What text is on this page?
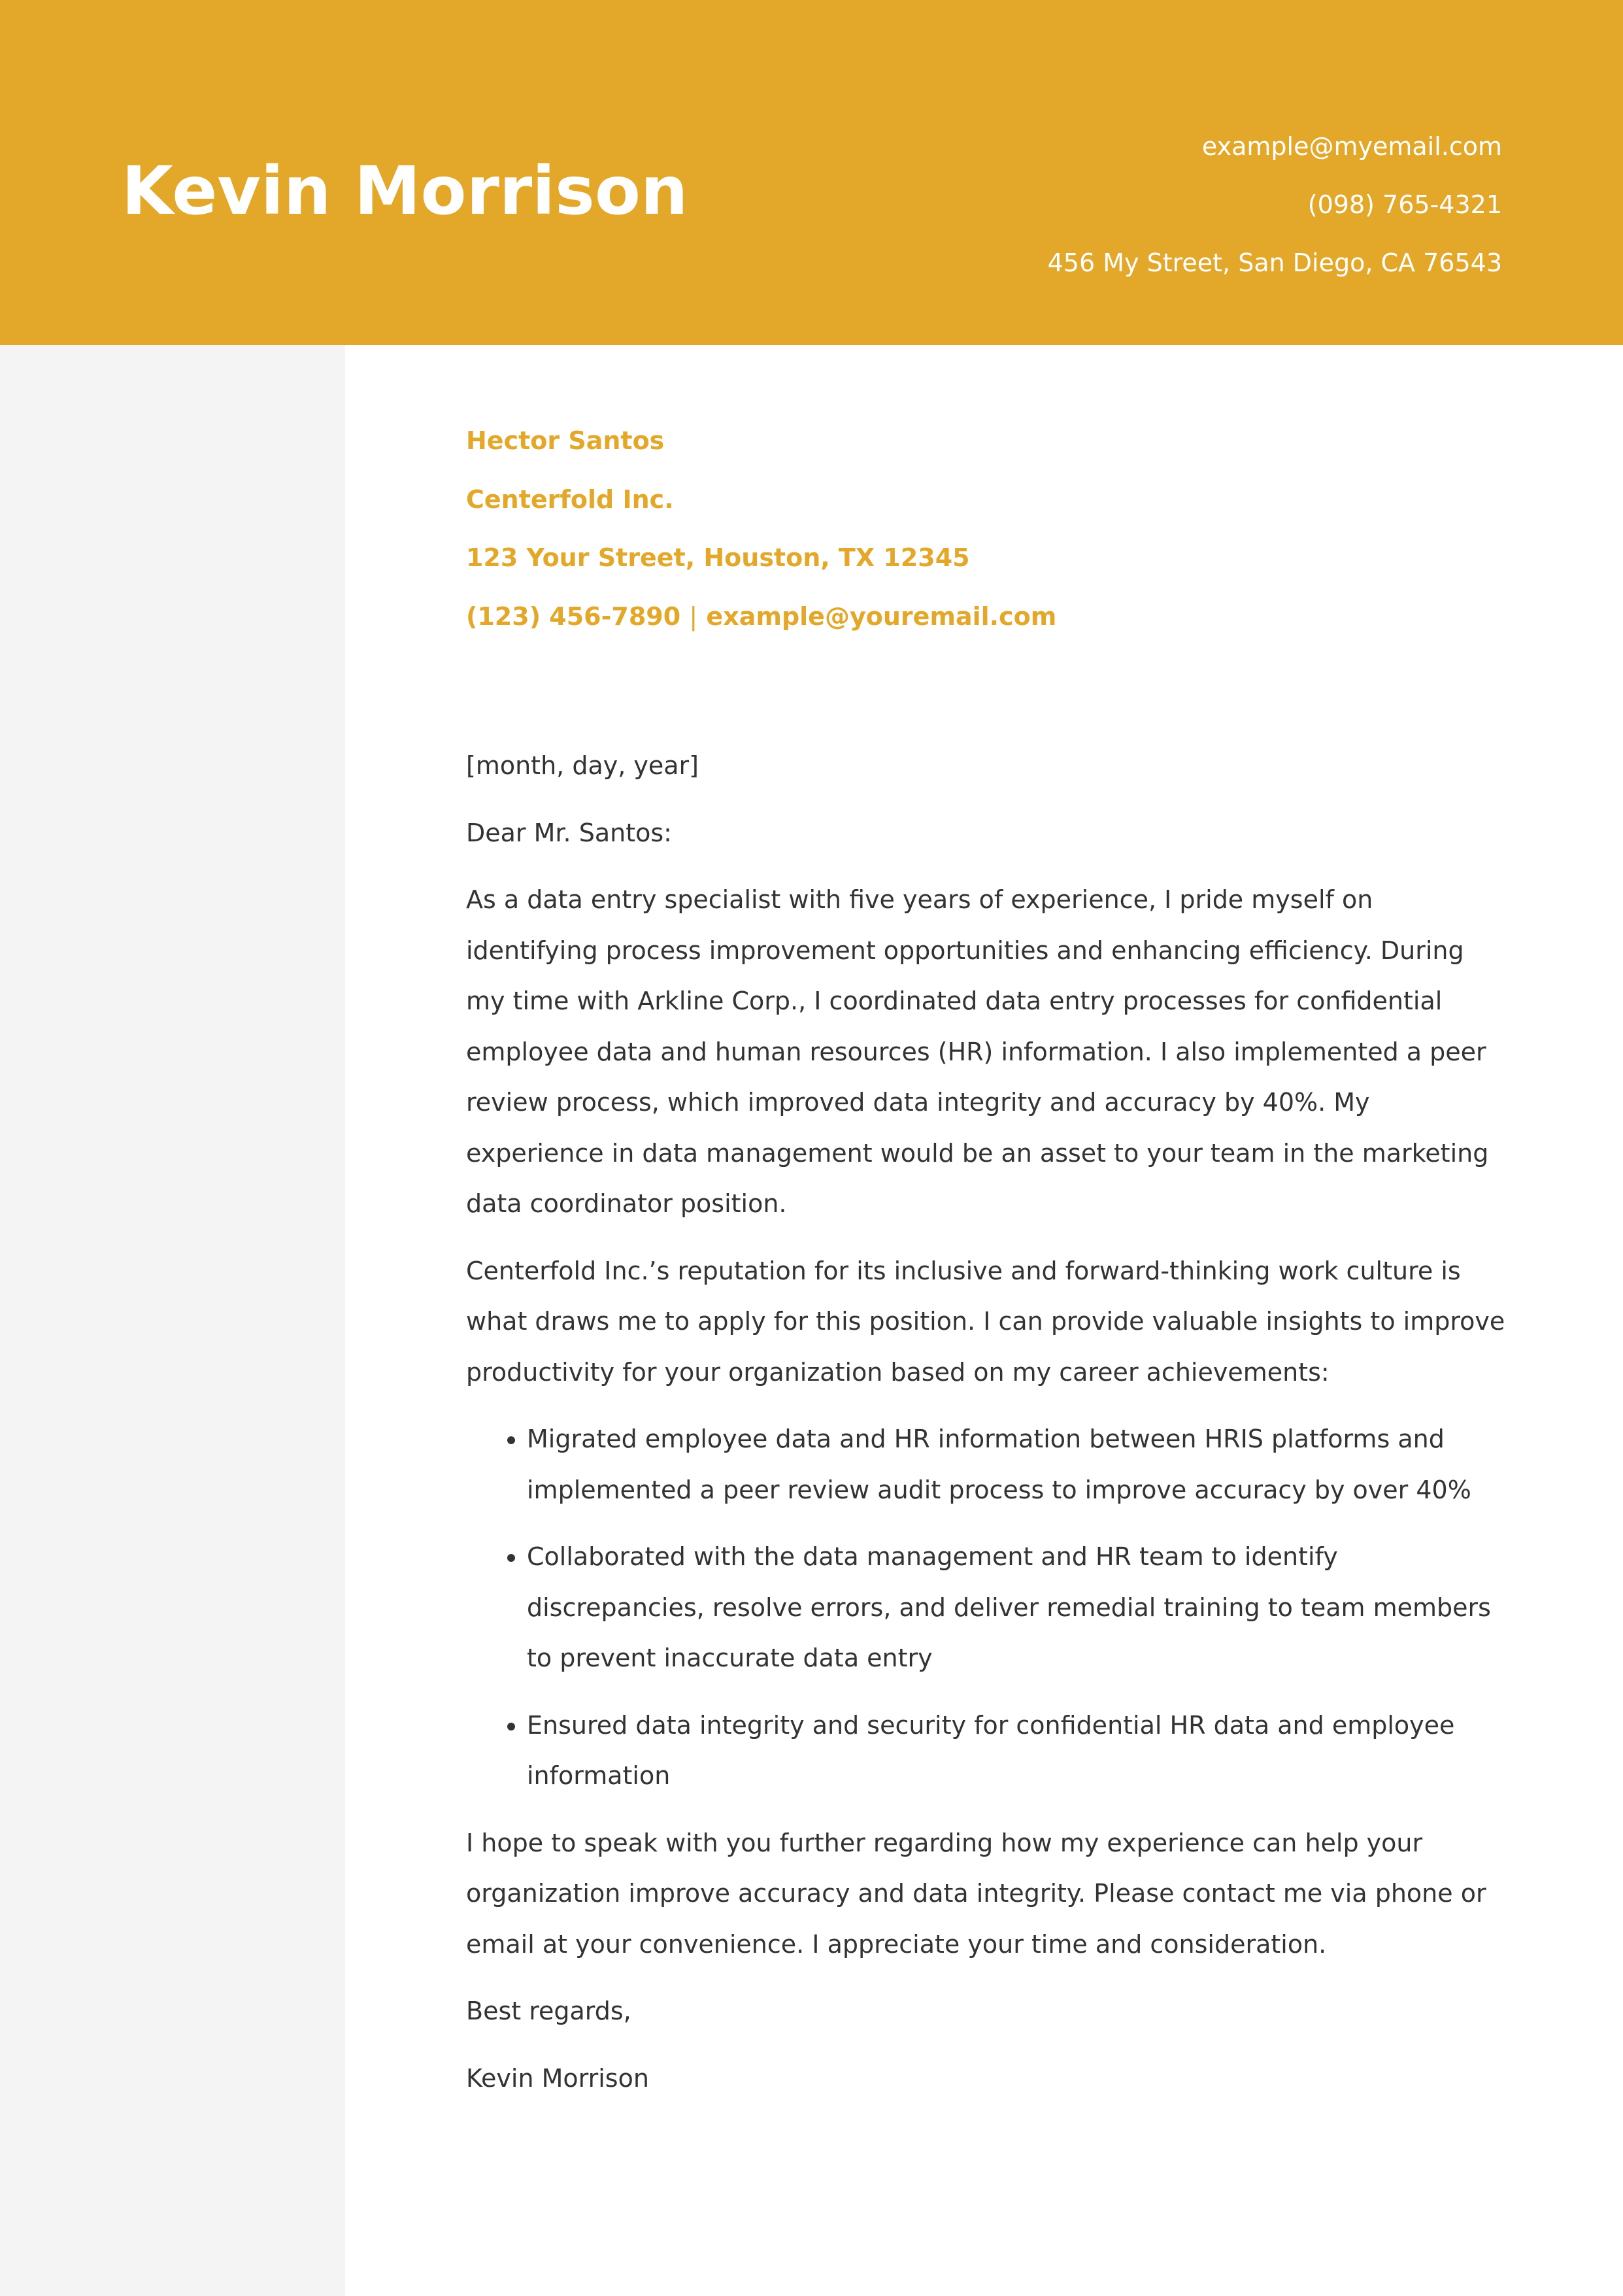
Kevin Morrison
example@myemail.com
(098) 765-4321
456 My Street, San Diego, CA 76543
Hector Santos
Centerfold Inc.
123 Your Street, Houston, TX 12345
(123) 456-7890 | example@youremail.com

[month, day, year]

Dear Mr. Santos:

As a data entry specialist with five years of experience, I pride myself on identifying process improvement opportunities and enhancing efficiency. During my time with Arkline Corp., I coordinated data entry processes for confidential employee data and human resources (HR) information. I also implemented a peer review process, which improved data integrity and accuracy by 40%. My experience in data management would be an asset to your team in the marketing data coordinator position.

Centerfold Inc.’s reputation for its inclusive and forward-thinking work culture is what draws me to apply for this position. I can provide valuable insights to improve productivity for your organization based on my career achievements:

• Migrated employee data and HR information between HRIS platforms and implemented a peer review audit process to improve accuracy by over 40%
• Collaborated with the data management and HR team to identify discrepancies, resolve errors, and deliver remedial training to team members to prevent inaccurate data entry
• Ensured data integrity and security for confidential HR data and employee information

I hope to speak with you further regarding how my experience can help your organization improve accuracy and data integrity. Please contact me via phone or email at your convenience. I appreciate your time and consideration.

Best regards,

Kevin Morrison
